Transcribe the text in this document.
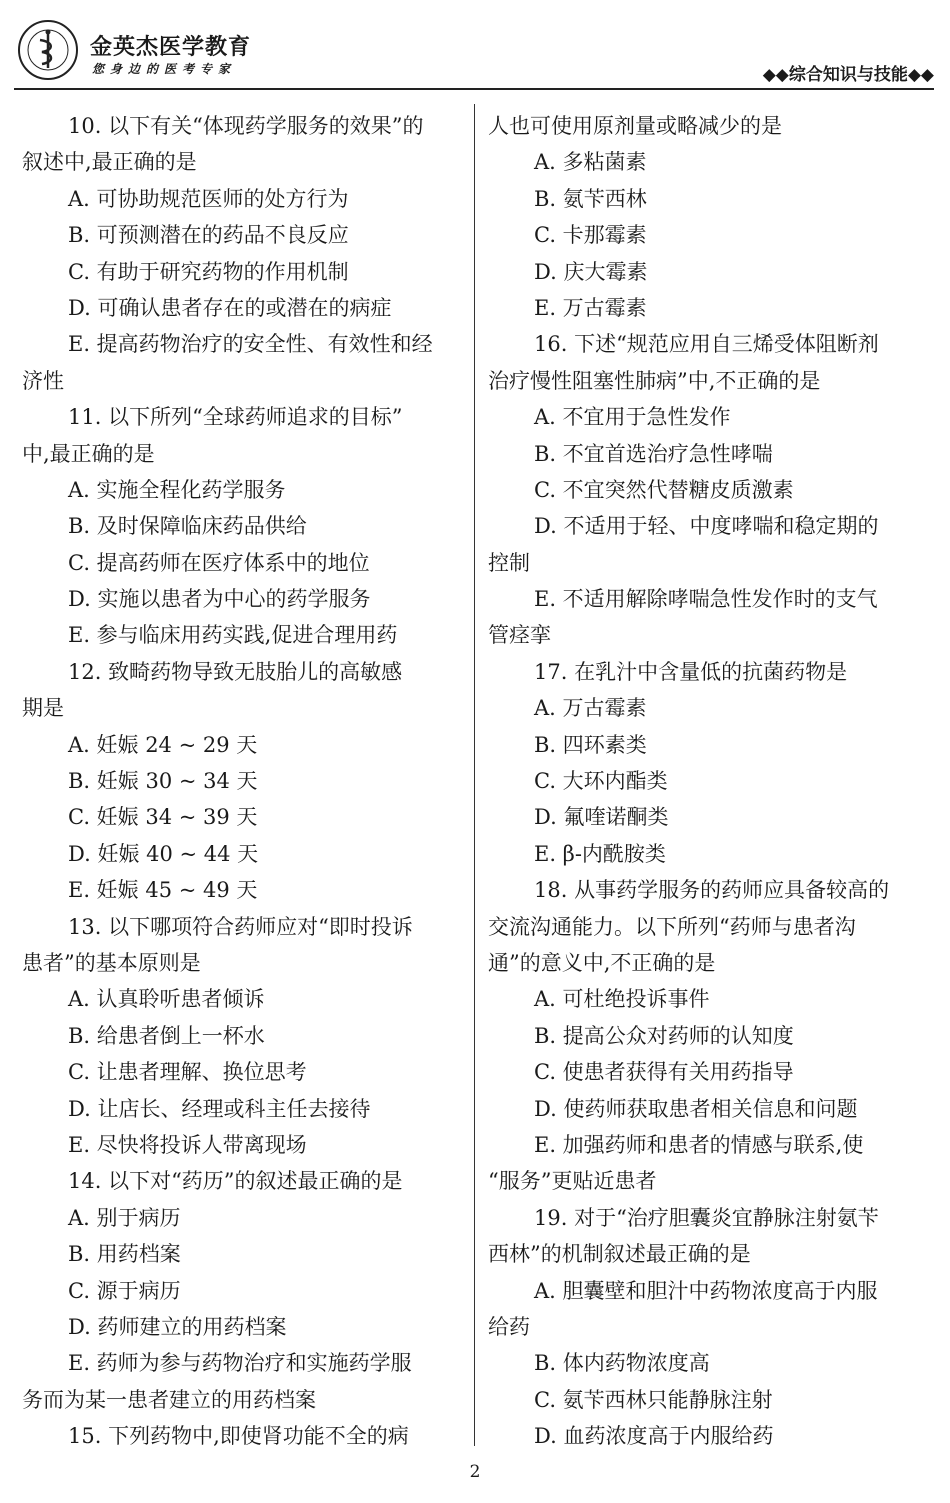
金英杰医学教育
您身边的医考专家	◆◆综合知识与技能◆◆
10. 以下有关“体现药学服务的效果”的
叙述中,最正确的是
A. 可协助规范医师的处方行为
B. 可预测潜在的药品不良反应
C. 有助于研究药物的作用机制
D. 可确认患者存在的或潜在的病症
E. 提高药物治疗的安全性、有效性和经
济性
11. 以下所列“全球药师追求的目标”
中,最正确的是
A. 实施全程化药学服务
B. 及时保障临床药品供给
C. 提高药师在医疗体系中的地位
D. 实施以患者为中心的药学服务
E. 参与临床用药实践,促进合理用药
12. 致畸药物导致无肢胎儿的高敏感
期是
A. 妊娠 24 ~ 29 天
B. 妊娠 30 ~ 34 天
C. 妊娠 34 ~ 39 天
D. 妊娠 40 ~ 44 天
E. 妊娠 45 ~ 49 天
13. 以下哪项符合药师应对“即时投诉
患者”的基本原则是
A. 认真聆听患者倾诉
B. 给患者倒上一杯水
C. 让患者理解、换位思考
D. 让店长、经理或科主任去接待
E. 尽快将投诉人带离现场
14. 以下对“药历”的叙述最正确的是
A. 别于病历
B. 用药档案
C. 源于病历
D. 药师建立的用药档案
E. 药师为参与药物治疗和实施药学服
务而为某一患者建立的用药档案
15. 下列药物中,即使肾功能不全的病
人也可使用原剂量或略减少的是
A. 多粘菌素
B. 氨苄西林
C. 卡那霉素
D. 庆大霉素
E. 万古霉素
16. 下述“规范应用自三烯受体阻断剂
治疗慢性阻塞性肺病”中,不正确的是
A. 不宜用于急性发作
B. 不宜首选治疗急性哮喘
C. 不宜突然代替糖皮质激素
D. 不适用于轻、中度哮喘和稳定期的
控制
E. 不适用解除哮喘急性发作时的支气
管痉挛
17. 在乳汁中含量低的抗菌药物是
A. 万古霉素
B. 四环素类
C. 大环内酯类
D. 氟喹诺酮类
E. β-内酰胺类
18. 从事药学服务的药师应具备较高的
交流沟通能力。以下所列“药师与患者沟
通”的意义中,不正确的是
A. 可杜绝投诉事件
B. 提高公众对药师的认知度
C. 使患者获得有关用药指导
D. 使药师获取患者相关信息和问题
E. 加强药师和患者的情感与联系,使
“服务”更贴近患者
19. 对于“治疗胆囊炎宜静脉注射氨苄
西林”的机制叙述最正确的是
A. 胆囊壁和胆汁中药物浓度高于内服
给药
B. 体内药物浓度高
C. 氨苄西林只能静脉注射
D. 血药浓度高于内服给药
2
